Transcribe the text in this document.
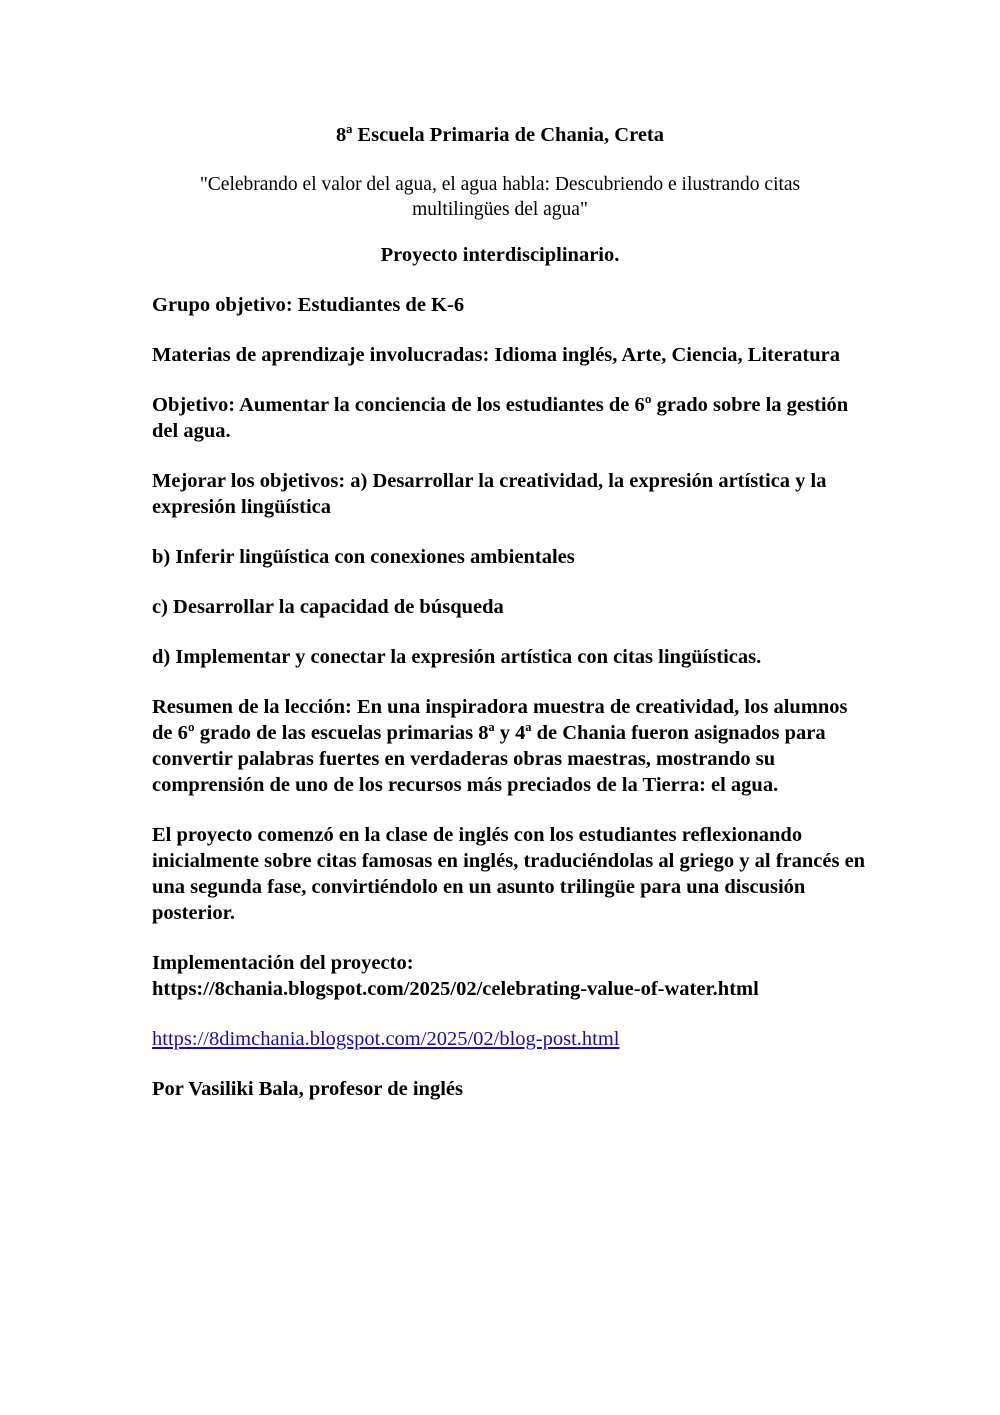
8ª Escuela Primaria de Chania, Creta
"Celebrando el valor del agua, el agua habla: Descubriendo e ilustrando citas multilingües del agua"
Proyecto interdisciplinario.

Grupo objetivo: Estudiantes de K-6

Materias de aprendizaje involucradas: Idioma inglés, Arte, Ciencia, Literatura

Objetivo: Aumentar la conciencia de los estudiantes de 6º grado sobre la gestión del agua.

Mejorar los objetivos: a) Desarrollar la creatividad, la expresión artística y la expresión lingüística

b) Inferir lingüística con conexiones ambientales

c) Desarrollar la capacidad de búsqueda

d) Implementar y conectar la expresión artística con citas lingüísticas.

Resumen de la lección: En una inspiradora muestra de creatividad, los alumnos de 6º grado de las escuelas primarias 8ª y 4ª de Chania fueron asignados para convertir palabras fuertes en verdaderas obras maestras, mostrando su comprensión de uno de los recursos más preciados de la Tierra: el agua.

El proyecto comenzó en la clase de inglés con los estudiantes reflexionando inicialmente sobre citas famosas en inglés, traduciéndolas al griego y al francés en una segunda fase, convirtiéndolo en un asunto trilingüe para una discusión posterior.

Implementación del proyecto:
https://8chania.blogspot.com/2025/02/celebrating-value-of-water.html

https://8dimchania.blogspot.com/2025/02/blog-post.html

Por Vasiliki Bala, profesor de inglés
